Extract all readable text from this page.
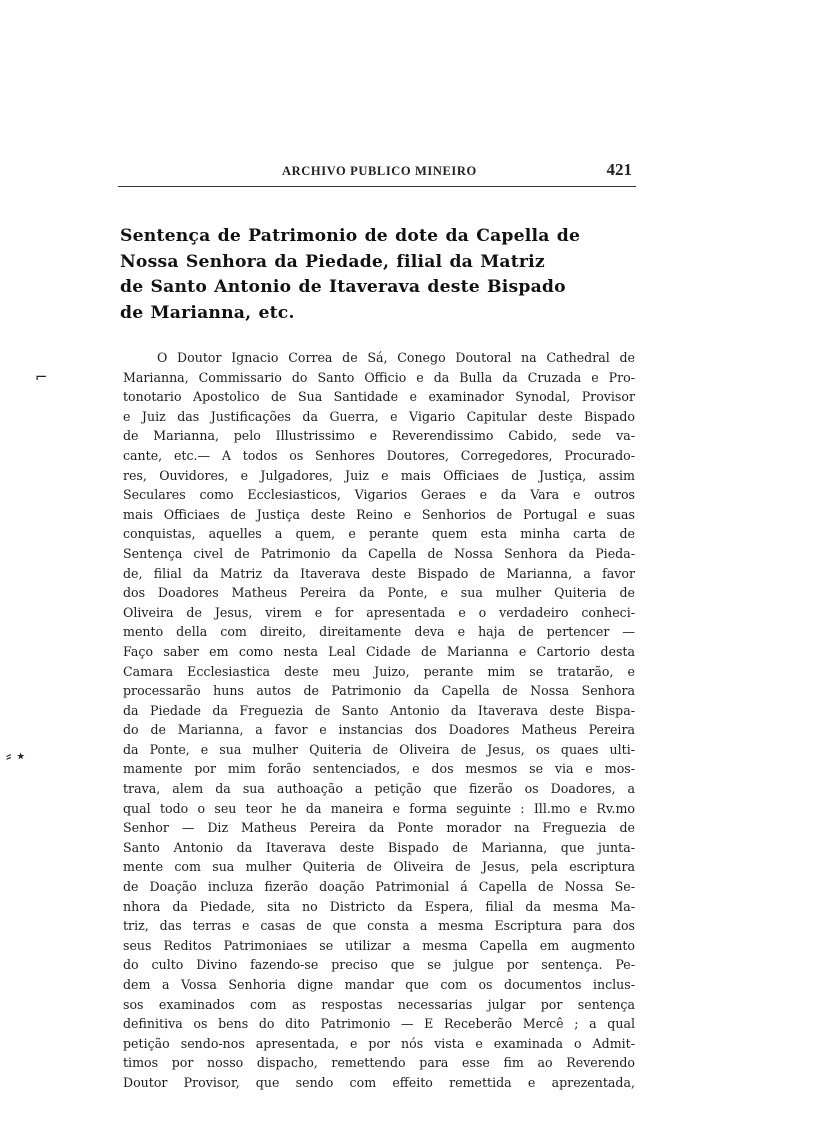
ARCHIVO PUBLICO MINEIRO	421
Sentença de Patrimonio de dote da Capella de
Nossa Senhora da Piedade, filial da Matriz
de Santo Antonio de Itaverava deste Bispado
de Marianna, etc.
O Doutor Ignacio Correa de Sá, Conego Doutoral na Cathedral de
Marianna, Commissario do Santo Officio e da Bulla da Cruzada e Pro-
tonotario Apostolico de Sua Santidade e examinador Synodal, Provisor
e Juiz das Justificações da Guerra, e Vigario Capitular deste Bispado
de Marianna, pelo Illustrissimo e Reverendissimo Cabido, sede va-
cante, etc.— A todos os Senhores Doutores, Corregedores, Procurado-
res, Ouvidores, e Julgadores, Juiz e mais Officiaes de Justiça, assim
Seculares como Ecclesiasticos, Vigarios Geraes e da Vara e outros
mais Officiaes de Justiça deste Reino e Senhorios de Portugal e suas
conquistas, aquelles a quem, e perante quem esta minha carta de
Sentença civel de Patrimonio da Capella de Nossa Senhora da Pieda-
de, filial da Matriz da Itaverava deste Bispado de Marianna, a favor
dos Doadores Matheus Pereira da Ponte, e sua mulher Quiteria de
Oliveira de Jesus, virem e for apresentada e o verdadeiro conheci-
mento della com direito, direitamente deva e haja de pertencer —
Faço saber em como nesta Leal Cidade de Marianna e Cartorio desta
Camara Ecclesiastica deste meu Juizo, perante mim se tratarão, e
processarão huns autos de Patrimonio da Capella de Nossa Senhora
da Piedade da Freguezia de Santo Antonio da Itaverava deste Bispa-
do de Marianna, a favor e instancias dos Doadores Matheus Pereira
da Ponte, e sua mulher Quiteria de Oliveira de Jesus, os quaes ulti-
mamente por mim forão sentenciados, e dos mesmos se via e mos-
trava, alem da sua authoação a petição que fizerão os Doadores, a
qual todo o seu teor he da maneira e forma seguinte : Ill.mo e Rv.mo
Senhor — Diz Matheus Pereira da Ponte morador na Freguezia de
Santo Antonio da Itaverava deste Bispado de Marianna, que junta-
mente com sua mulher Quiteria de Oliveira de Jesus, pela escriptura
de Doação incluza fizerão doação Patrimonial á Capella de Nossa Se-
nhora da Piedade, sita no Districto da Espera, filial da mesma Ma-
triz, das terras e casas de que consta a mesma Escriptura para dos
seus Reditos Patrimoniaes se utilizar a mesma Capella em augmento
do culto Divino fazendo-se preciso que se julgue por sentença. Pe-
dem a Vossa Senhoria digne mandar que com os documentos inclus-
sos examinados com as respostas necessarias julgar por sentença
definitiva os bens do dito Patrimonio — E Receberão Mercê ; a qual
petição sendo-nos apresentada, e por nós vista e examinada o Admit-
timos por nosso dispacho, remettendo para esse fim ao Reverendo
Doutor Provisor, que sendo com effeito remettida e aprezentada,
⌐
⸗ ٭
